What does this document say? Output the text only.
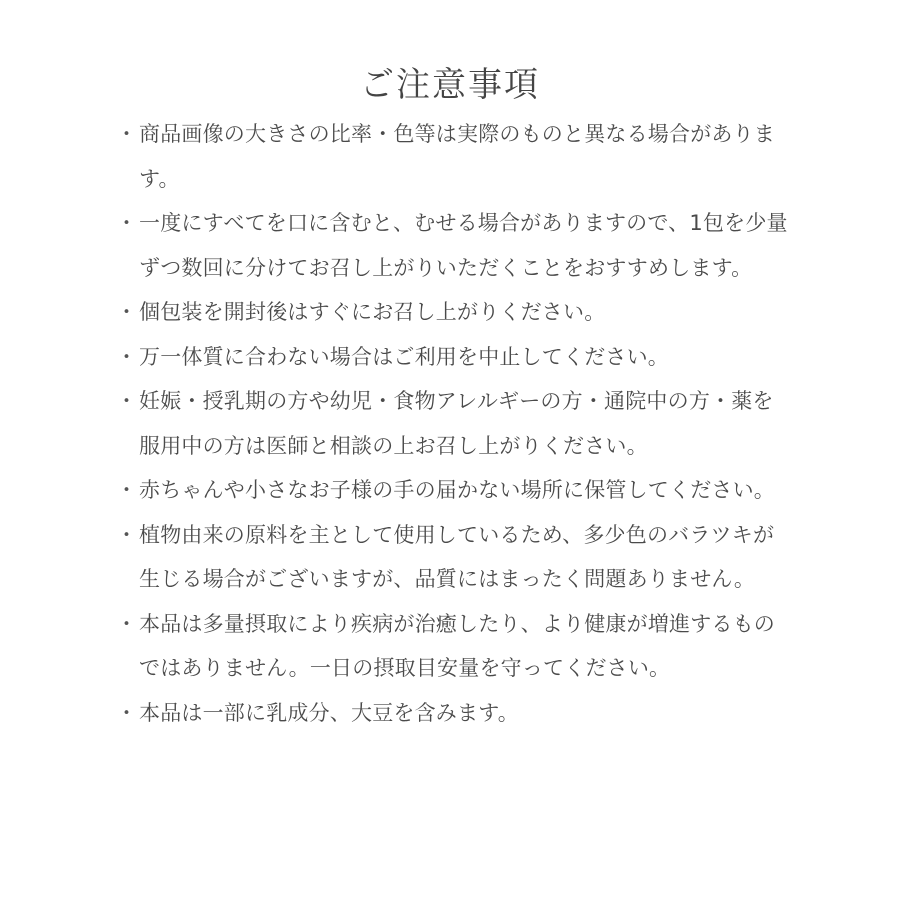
ご注意事項
・ 商品画像の大きさの比率・色等は実際のものと異なる場合があります。
・ 一度にすべてを口に含むと、むせる場合がありますので、1包を少量ずつ数回に分けてお召し上がりいただくことをおすすめします。
・ 個包装を開封後はすぐにお召し上がりください。
・ 万一体質に合わない場合はご利用を中止してください。
・ 妊娠・授乳期の方や幼児・食物アレルギーの方・通院中の方・薬を服用中の方は医師と相談の上お召し上がりください。
・ 赤ちゃんや小さなお子様の手の届かない場所に保管してください。
・ 植物由来の原料を主として使用しているため、多少色のバラツキが生じる場合がございますが、品質にはまったく問題ありません。
・ 本品は多量摂取により疾病が治癒したり、より健康が増進するものではありません。一日の摂取目安量を守ってください。
・ 本品は一部に乳成分、大豆を含みます。
